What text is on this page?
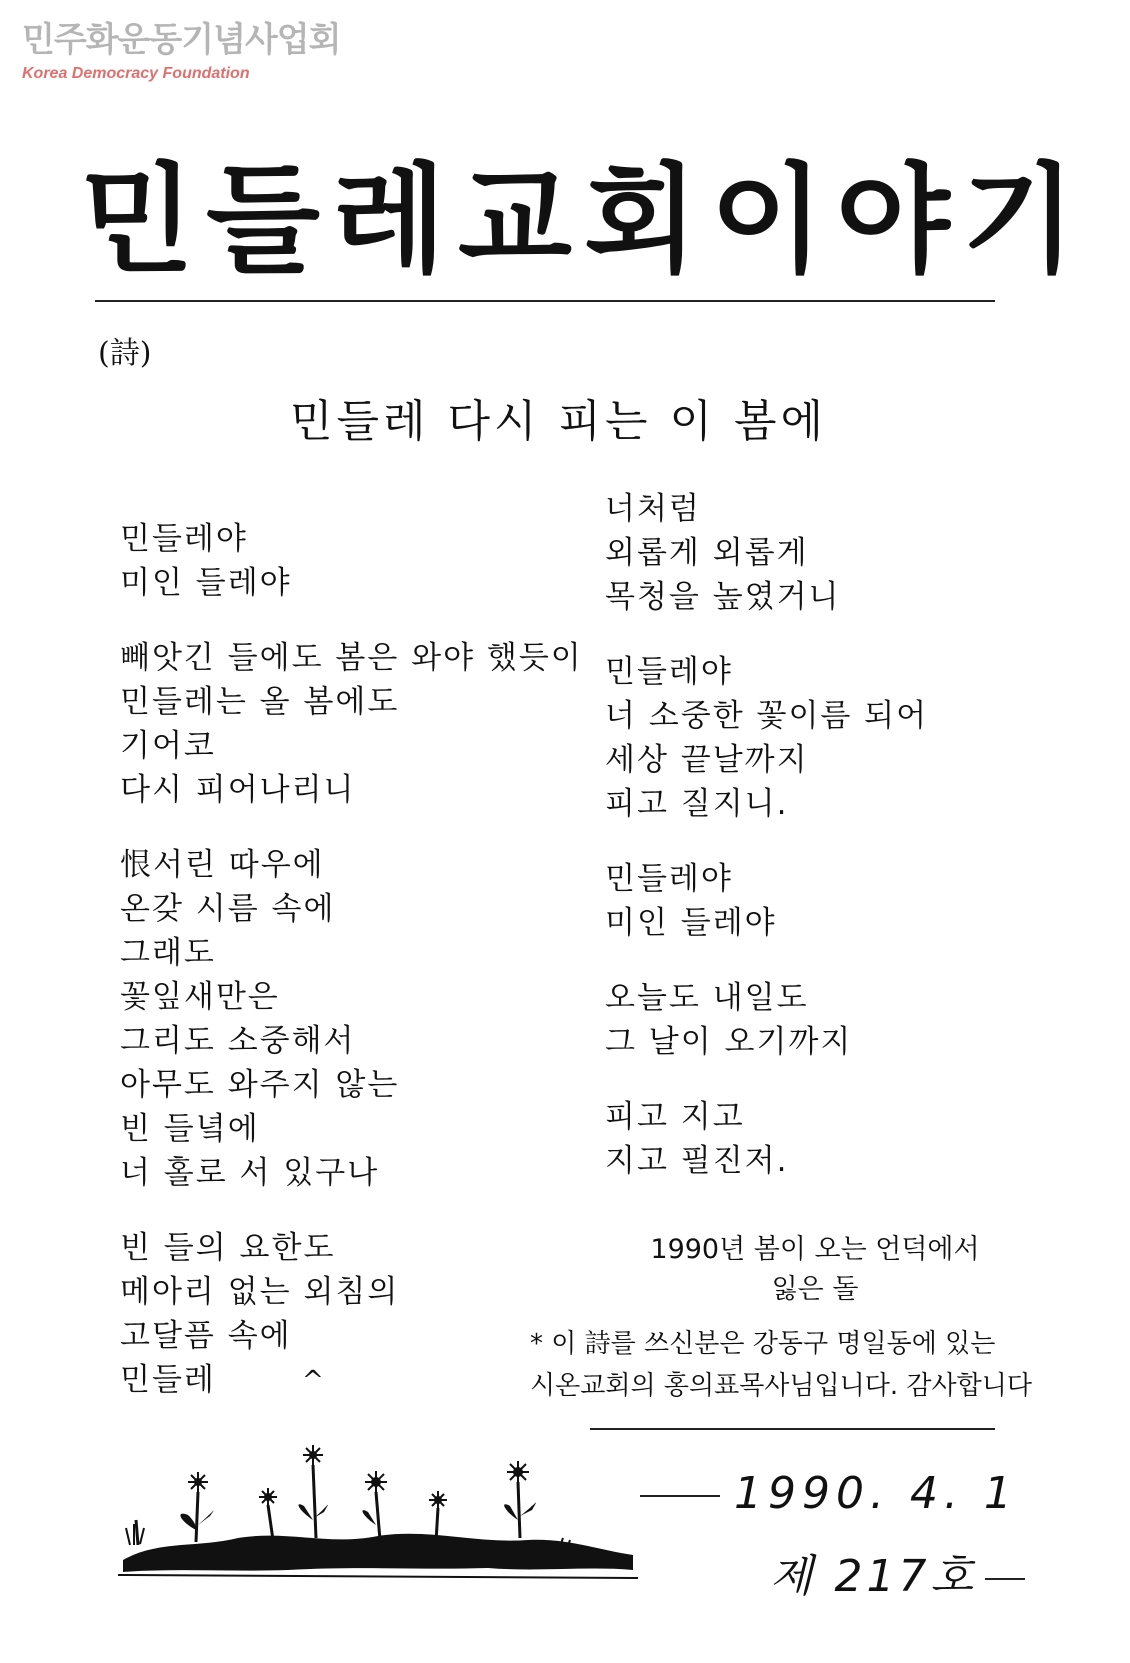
민주화운동기념사업회
Korea Democracy Foundation
민들레교회이야기
(詩)
민들레 다시 피는 이 봄에
민들레야
미인 들레야
빼앗긴 들에도 봄은 와야 했듯이
민들레는 올 봄에도
기어코
다시 피어나리니
恨서린 따우에
온갖 시름 속에
그래도
꽃잎새만은
그리도 소중해서
아무도 와주지 않는
빈 들녘에
너 홀로 서 있구나
빈 들의 요한도
메아리 없는 외침의
고달픔 속에
민들레	^
너처럼
외롭게 외롭게
목청을 높였거니
민들레야
너 소중한 꽃이름 되어
세상 끝날까지
피고 질지니.
민들레야
미인 들레야
오늘도 내일도
그 날이 오기까지
피고 지고
지고 필진저.
1990년 봄이 오는 언덕에서
잃은 돌
* 이 詩를 쓰신분은 강동구 명일동에 있는
시온교회의 홍의표목사님입니다. 감사합니다
1990. 4. 1
제 217호
